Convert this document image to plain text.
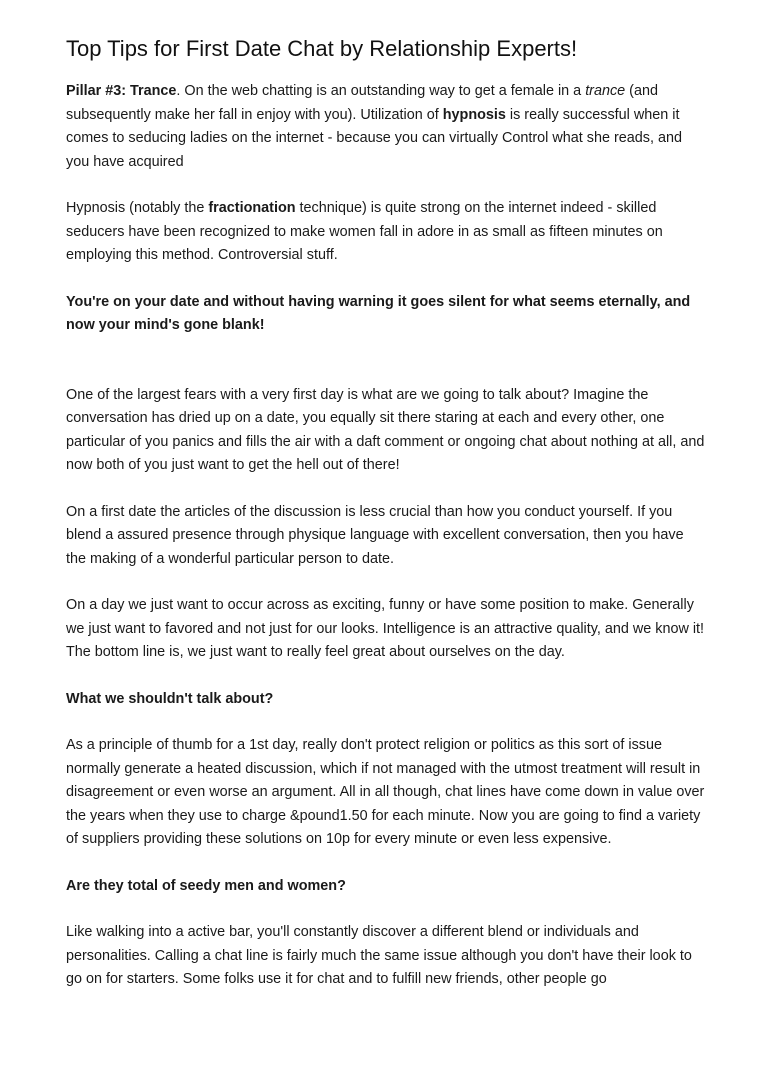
Top Tips for First Date Chat by Relationship Experts!

Pillar #3: Trance. On the web chatting is an outstanding way to get a female in a trance (and subsequently make her fall in enjoy with you). Utilization of hypnosis is really successful when it comes to seducing ladies on the internet - because you can virtually Control what she reads, and you have acquired

Hypnosis (notably the fractionation technique) is quite strong on the internet indeed - skilled seducers have been recognized to make women fall in adore in as small as fifteen minutes on employing this method. Controversial stuff.

You're on your date and without having warning it goes silent for what seems eternally, and now your mind's gone blank!

One of the largest fears with a very first day is what are we going to talk about? Imagine the conversation has dried up on a date, you equally sit there staring at each and every other, one particular of you panics and fills the air with a daft comment or ongoing chat about nothing at all, and now both of you just want to get the hell out of there!

On a first date the articles of the discussion is less crucial than how you conduct yourself. If you blend a assured presence through physique language with excellent conversation, then you have the making of a wonderful particular person to date.

On a day we just want to occur across as exciting, funny or have some position to make. Generally we just want to favored and not just for our looks. Intelligence is an attractive quality, and we know it! The bottom line is, we just want to really feel great about ourselves on the day.

What we shouldn't talk about?

As a principle of thumb for a 1st day, really don't protect religion or politics as this sort of issue normally generate a heated discussion, which if not managed with the utmost treatment will result in disagreement or even worse an argument. All in all though, chat lines have come down in value over the years when they use to charge &pound1.50 for each minute. Now you are going to find a variety of suppliers providing these solutions on 10p for every minute or even less expensive.

Are they total of seedy men and women?

Like walking into a active bar, you'll constantly discover a different blend or individuals and personalities. Calling a chat line is fairly much the same issue although you don't have their look to go on for starters. Some folks use it for chat and to fulfill new friends, other people go
